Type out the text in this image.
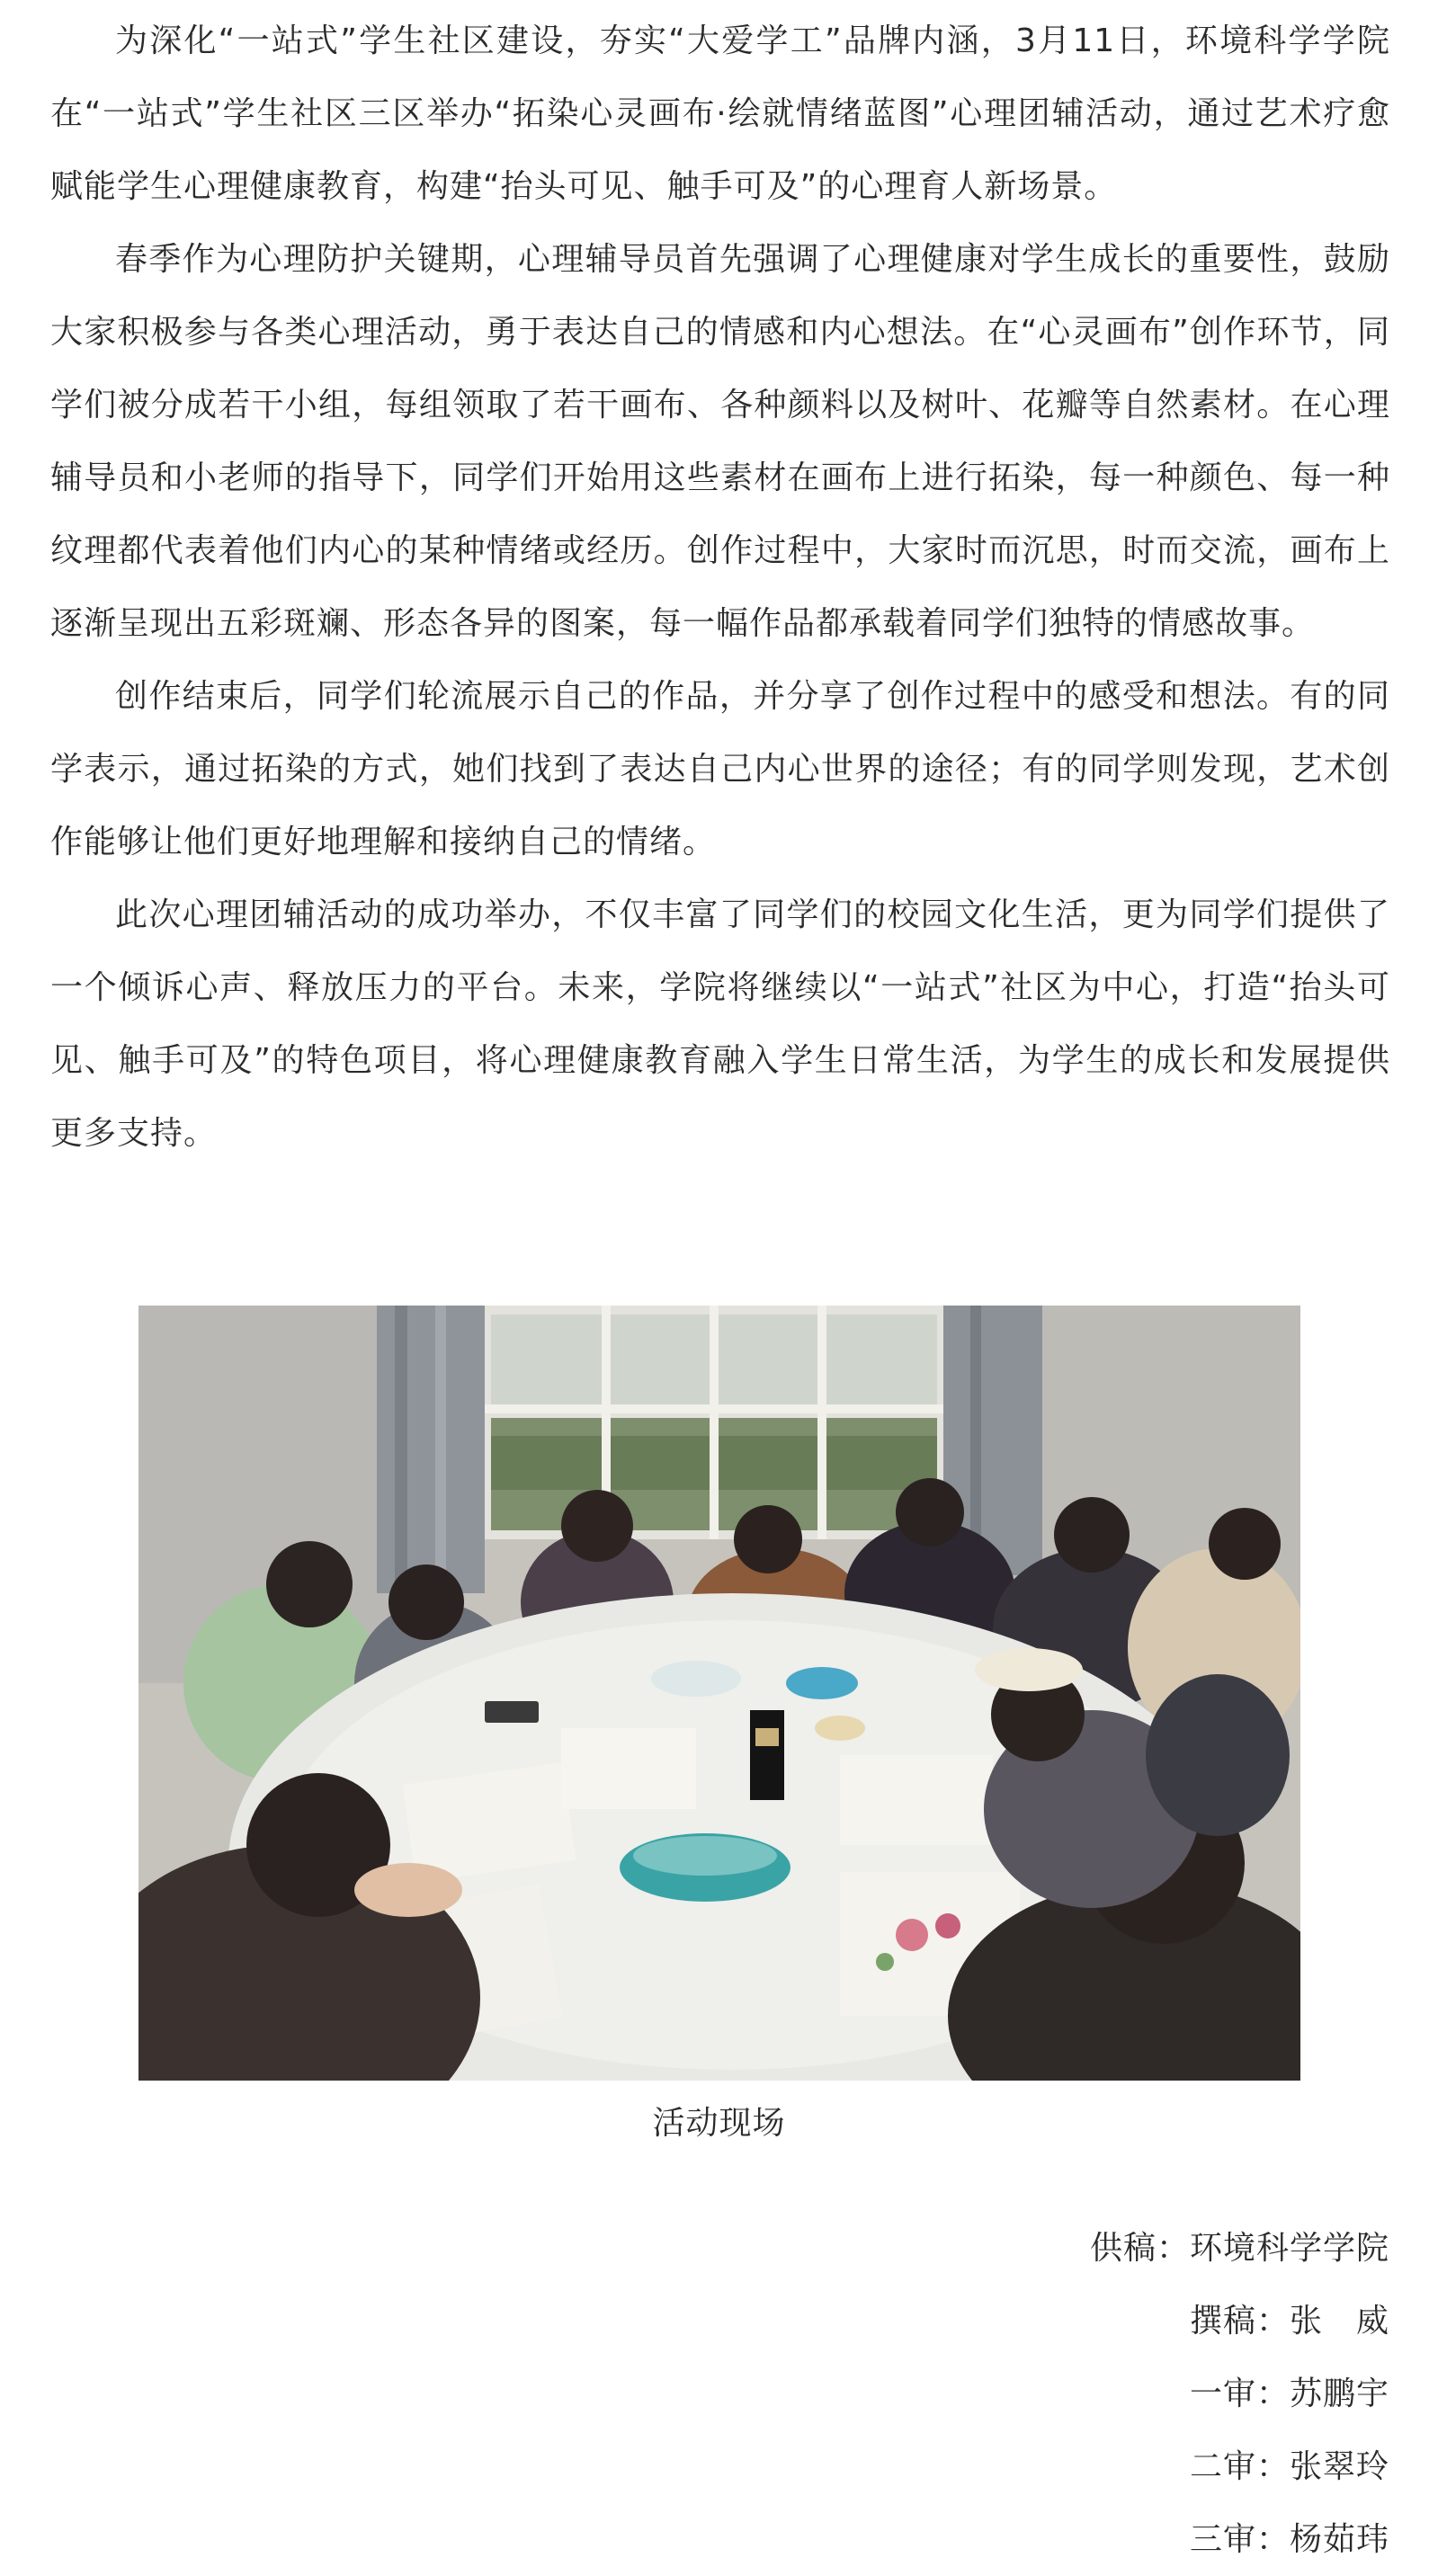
为深化“一站式”学生社区建设，夯实“大爱学工”品牌内涵，3月11日，环境科学学院在“一站式”学生社区三区举办“拓染心灵画布·绘就情绪蓝图”心理团辅活动，通过艺术疗愈赋能学生心理健康教育，构建“抬头可见、触手可及”的心理育人新场景。

春季作为心理防护关键期，心理辅导员首先强调了心理健康对学生成长的重要性，鼓励大家积极参与各类心理活动，勇于表达自己的情感和内心想法。在“心灵画布”创作环节，同学们被分成若干小组，每组领取了若干画布、各种颜料以及树叶、花瓣等自然素材。在心理辅导员和小老师的指导下，同学们开始用这些素材在画布上进行拓染，每一种颜色、每一种纹理都代表着他们内心的某种情绪或经历。创作过程中，大家时而沉思，时而交流，画布上逐渐呈现出五彩斑斓、形态各异的图案，每一幅作品都承载着同学们独特的情感故事。

创作结束后，同学们轮流展示自己的作品，并分享了创作过程中的感受和想法。有的同学表示，通过拓染的方式，她们找到了表达自己内心世界的途径；有的同学则发现，艺术创作能够让他们更好地理解和接纳自己的情绪。

此次心理团辅活动的成功举办，不仅丰富了同学们的校园文化生活，更为同学们提供了一个倾诉心声、释放压力的平台。未来，学院将继续以“一站式”社区为中心，打造“抬头可见、触手可及”的特色项目，将心理健康教育融入学生日常生活，为学生的成长和发展提供更多支持。

活动现场
供稿：环境科学学院
撰稿：张　威
一审：苏鹏宇
二审：张翠玲
三审：杨茹玮
